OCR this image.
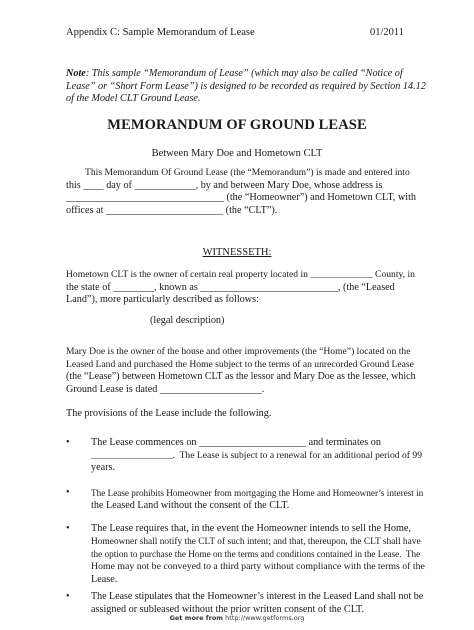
Appendix C: Sample Memorandum of Lease	01/2011
Note: This sample “Memorandum of Lease” (which may also be called “Notice of Lease” or “Short Form Lease”) is designed to be recorded as required by Section 14.12 of the Model CLT Ground Lease.
MEMORANDUM OF GROUND LEASE
Between Mary Doe and Hometown CLT
This Memorandum Of Ground Lease (the “Memorandum”) is made and entered into
this ____ day of ____________, by and between Mary Doe, whose address is
_______________________________ (the “Homeowner”) and Hometown CLT, with
offices at _______________________ (the “CLT”).
WITNESSETH:
Hometown CLT is the owner of certain real property located in _____________ County, in
the state of ________, known as ___________________________, (the “Leased
Land”), more particularly described as follows:
(legal description)
Mary Doe is the owner of the house and other improvements (the “Home”) located on the
Leased Land and purchased the Home subject to the terms of an unrecorded Ground Lease
(the “Lease”) between Hometown CLT as the lessor and Mary Doe as the lessee, which
Ground Lease is dated ____________________.
The provisions of the Lease include the following.
• The Lease commences on _____________________ and terminates on
_________________.  The Lease is subject to a renewal for an additional period of 99
years.
• The Lease prohibits Homeowner from mortgaging the Home and Homeowner’s interest in
the Leased Land without the consent of the CLT.
• The Lease requires that, in the event the Homeowner intends to sell the Home,
Homeowner shall notify the CLT of such intent; and that, thereupon, the CLT shall have
the option to purchase the Home on the terms and conditions contained in the Lease.  The
Home may not be conveyed to a third party without compliance with the terms of the
Lease.
• The Lease stipulates that the Homeowner’s interest in the Leased Land shall not be
assigned or subleased without the prior written consent of the CLT.
Get more from http://www.getforms.org
